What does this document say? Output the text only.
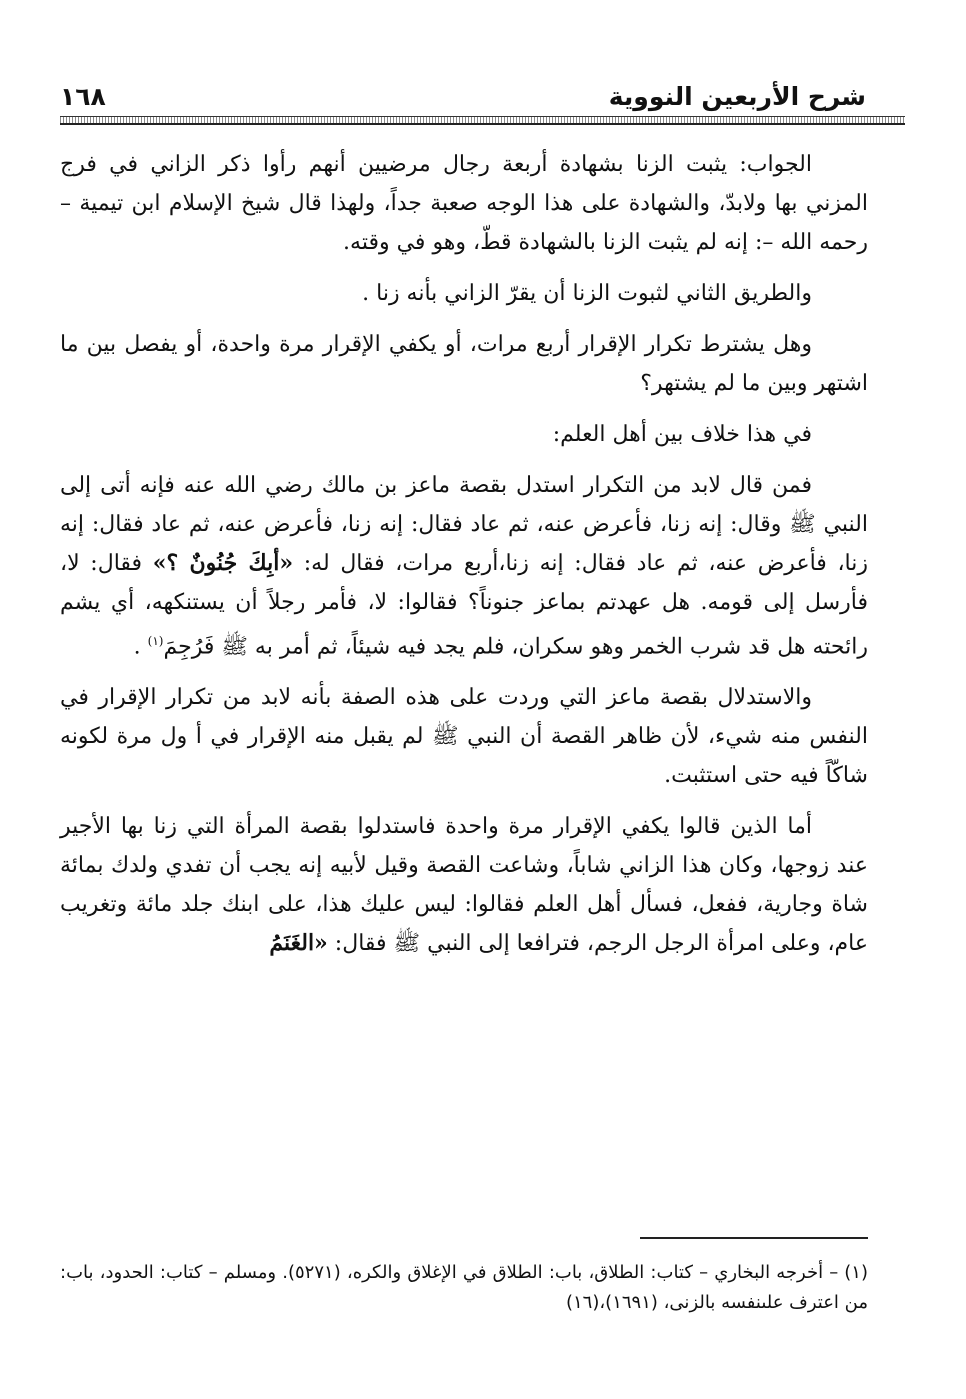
شرح الأربعين النووية
١٦٨

الجواب: يثبت الزنا بشهادة أربعة رجال مرضيين أنهم رأوا ذكر الزاني في فرج المزني بها ولابدّ، والشهادة على هذا الوجه صعبة جداً، ولهذا قال شيخ الإسلام ابن تيمية – رحمه الله –: إنه لم يثبت الزنا بالشهادة قطّ، وهو في وقته.

والطريق الثاني لثبوت الزنا أن يقرّ الزاني بأنه زنا .

وهل يشترط تكرار الإقرار أربع مرات، أو يكفي الإقرار مرة واحدة، أو يفصل بين ما اشتهر وبين ما لم يشتهر؟

في هذا خلاف بين أهل العلم:

فمن قال لابد من التكرار استدل بقصة ماعز بن مالك رضي الله عنه فإنه أتى إلى النبي ﷺ وقال: إنه زنا، فأعرض عنه، ثم عاد فقال: إنه زنا، فأعرض عنه، ثم عاد فقال: إنه زنا، فأعرض عنه، ثم عاد فقال: إنه زنا،أربع مرات، فقال له: «أبِكَ جُنُونٌ ؟» فقال: لا، فأرسل إلى قومه. هل عهدتم بماعز جنوناً؟ فقالوا: لا، فأمر رجلاً أن يستنكهه، أي يشم رائحته هل قد شرب الخمر وهو سكران، فلم يجد فيه شيئاً، ثم أمر به ﷺ فَرُجِمَ$^{(١)}$ .

والاستدلال بقصة ماعز التي وردت على هذه الصفة بأنه لابد من تكرار الإقرار في النفس منه شيء، لأن ظاهر القصة أن النبي ﷺ لم يقبل منه الإقرار في أ ول مرة لكونه شاكّاً فيه حتى استثبت.

أما الذين قالوا يكفي الإقرار مرة واحدة فاستدلوا بقصة المرأة التي زنا بها الأجير عند زوجها، وكان هذا الزاني شاباً، وشاعت القصة وقيل لأبيه إنه يجب أن تفدي ولدك بمائة شاة وجارية، ففعل، فسأل أهل العلم فقالوا: ليس عليك هذا، على ابنك جلد مائة وتغريب عام، وعلى امرأة الرجل الرجم، فترافعا إلى النبي ﷺ فقال: «الغَنَمُ

(١)– أخرجه البخاري – كتاب: الطلاق، باب: الطلاق في الإغلاق والكره، (٥٢٧١). ومسلم – كتاب: الحدود، باب: من اعترف علىنفسه بالزنى، (١٦٩١)،(١٦)
